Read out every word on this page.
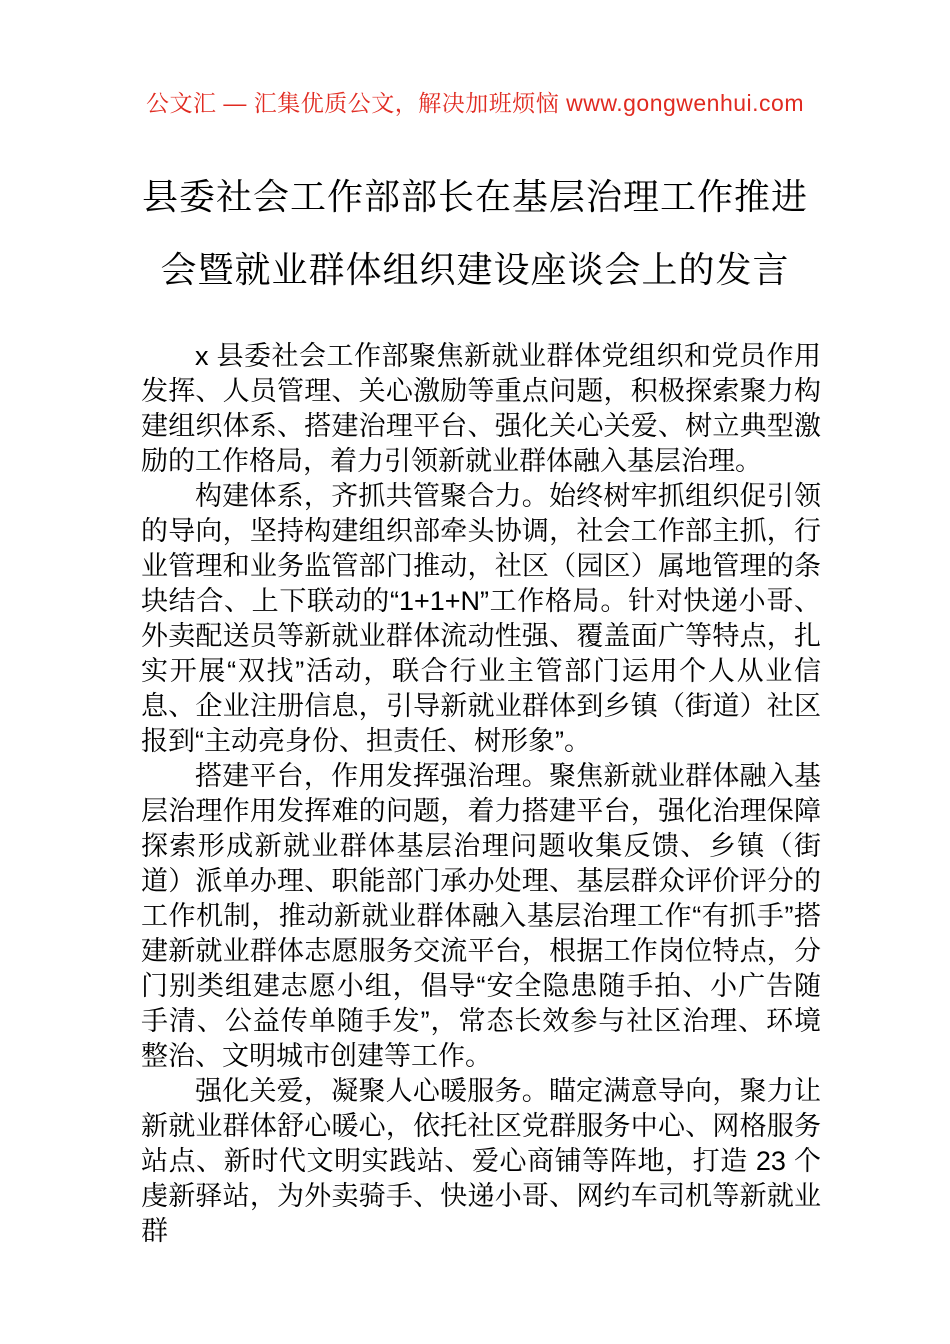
公文汇 — 汇集优质公文，解决加班烦恼 www.gongwenhui.com
县委社会工作部部长在基层治理工作推进
会暨就业群体组织建设座谈会上的发言

x 县委社会工作部聚焦新就业群体党组织和党员作用发挥、人员管理、关心激励等重点问题，积极探索聚力构建组织体系、搭建治理平台、强化关心关爱、树立典型激励的工作格局，着力引领新就业群体融入基层治理。

构建体系，齐抓共管聚合力。始终树牢抓组织促引领的导向，坚持构建组织部牵头协调，社会工作部主抓，行业管理和业务监管部门推动，社区（园区）属地管理的条块结合、上下联动的“1+1+N”工作格局。针对快递小哥、外卖配送员等新就业群体流动性强、覆盖面广等特点，扎实开展“双找”活动，联合行业主管部门运用个人从业信息、企业注册信息，引导新就业群体到乡镇（街道）社区报到“主动亮身份、担责任、树形象”。

搭建平台，作用发挥强治理。聚焦新就业群体融入基层治理作用发挥难的问题，着力搭建平台，强化治理保障探索形成新就业群体基层治理问题收集反馈、乡镇（街道）派单办理、职能部门承办处理、基层群众评价评分的工作机制，推动新就业群体融入基层治理工作“有抓手”搭建新就业群体志愿服务交流平台，根据工作岗位特点，分门别类组建志愿小组，倡导“安全隐患随手拍、小广告随手清、公益传单随手发”，常态长效参与社区治理、环境整治、文明城市创建等工作。

强化关爱，凝聚人心暖服务。瞄定满意导向，聚力让新就业群体舒心暖心，依托社区党群服务中心、网格服务站点、新时代文明实践站、爱心商铺等阵地，打造 23 个虔新驿站，为外卖骑手、快递小哥、网约车司机等新就业群
